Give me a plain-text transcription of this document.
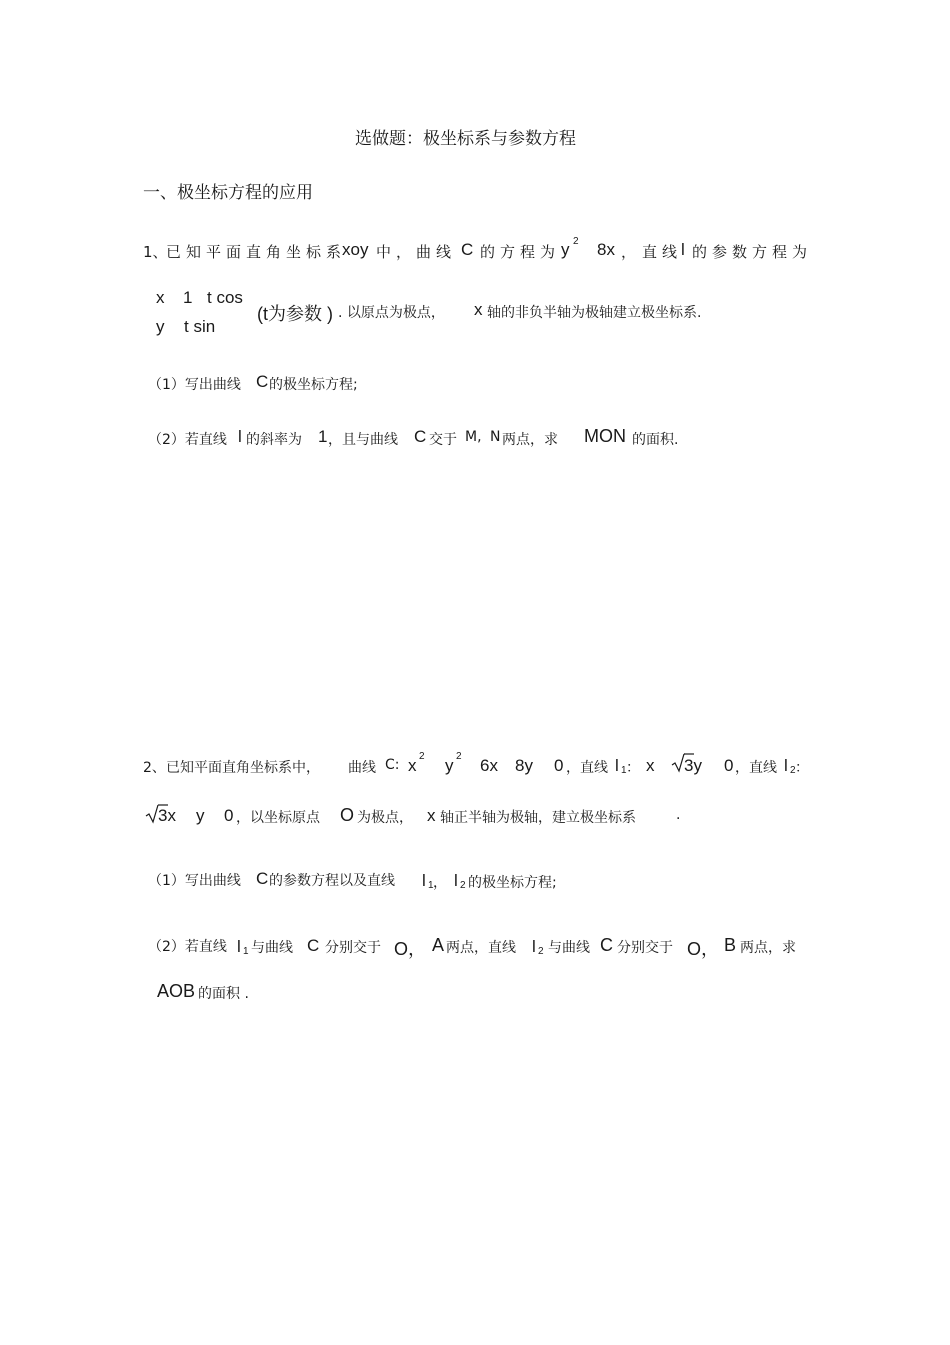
选做题：极坐标系与参数方程
一、极坐标方程的应用
1、
已知平面直角坐标系
xoy 中，曲线 C 的方程为 y 2 8x ， 直线
l 的参数方程为
x 1 t cos
y t sin
(t为参数 ) . 以原点为极点， x 轴的非负半轴为极轴建立极坐标系.
（1）写出曲线 C 的极坐标方程;
（2）若直线 l 的斜率为 1 ，且与曲线 C 交于 M, N 两点，求 MON 的面积.
2、 已知平面直角坐标系中， 曲线 C: x 2 y 2 6x 8y 0 ，直线 l 1 ： x 3y 0 ，直线 l 2 ：
3x y 0 ，以坐标原点 O 为极点， x 轴正半轴为极轴，建立极坐标系	.
（1）写出曲线 C 的参数方程以及直线 l 1 ， l 2 的极坐标方程;
（2）若直线 l 1 与曲线 C 分别交于 O， A 两点，直线 l 2 与曲线 C 分别交于 O， B 两点，求
AOB 的面积 .
